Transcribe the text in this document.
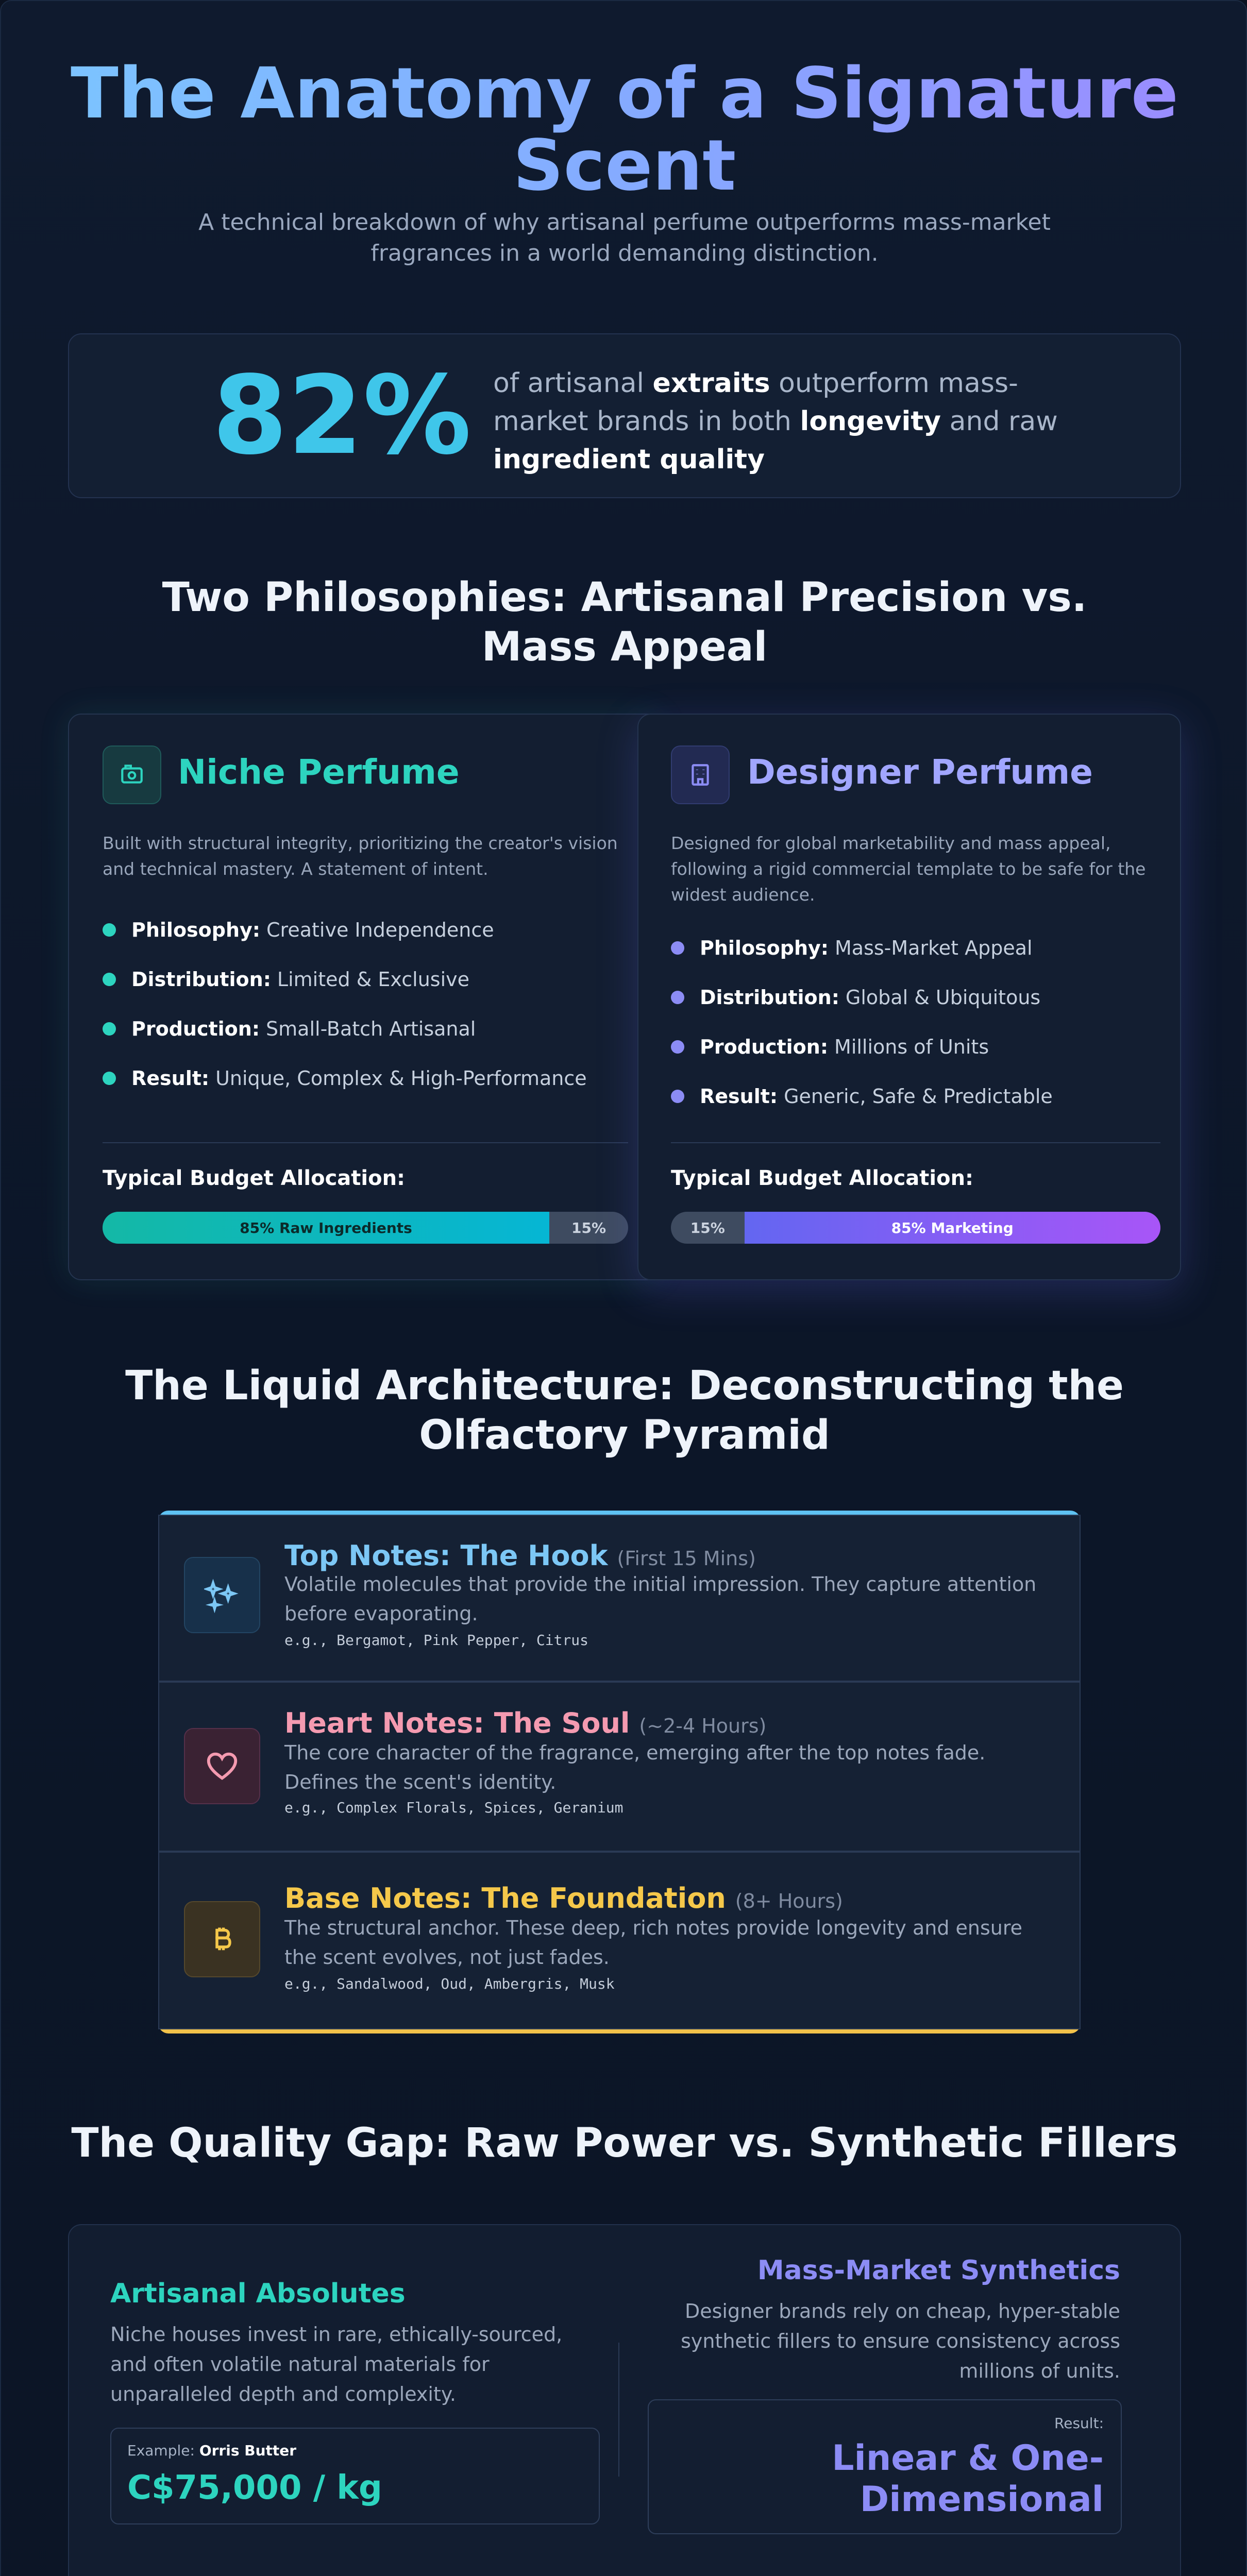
The Anatomy of a Signature
Scent
A technical breakdown of why artisanal perfume outperforms mass-market fragrances in a world demanding distinction.
82% of artisanal extraits outperform mass-market brands in both longevity and raw ingredient quality
Two Philosophies: Artisanal Precision vs. Mass Appeal
Niche Perfume
Built with structural integrity, prioritizing the creator's vision and technical mastery. A statement of intent.
Philosophy: Creative Independence
Distribution: Limited & Exclusive
Production: Small-Batch Artisanal
Result: Unique, Complex & High-Performance
Typical Budget Allocation:
85% Raw Ingredients	15%
Designer Perfume
Designed for global marketability and mass appeal, following a rigid commercial template to be safe for the widest audience.
Philosophy: Mass-Market Appeal
Distribution: Global & Ubiquitous
Production: Millions of Units
Result: Generic, Safe & Predictable
Typical Budget Allocation:
15%	85% Marketing
The Liquid Architecture: Deconstructing the Olfactory Pyramid
Top Notes: The Hook (First 15 Mins)
Volatile molecules that provide the initial impression. They capture attention before evaporating.
e.g., Bergamot, Pink Pepper, Citrus
Heart Notes: The Soul (~2-4 Hours)
The core character of the fragrance, emerging after the top notes fade. Defines the scent's identity.
e.g., Complex Florals, Spices, Geranium
Base Notes: The Foundation (8+ Hours)
The structural anchor. These deep, rich notes provide longevity and ensure the scent evolves, not just fades.
e.g., Sandalwood, Oud, Ambergris, Musk
The Quality Gap: Raw Power vs. Synthetic Fillers
Artisanal Absolutes
Niche houses invest in rare, ethically-sourced, and often volatile natural materials for unparalleled depth and complexity.
Example: Orris Butter
C$75,000 / kg
Mass-Market Synthetics
Designer brands rely on cheap, hyper-stable synthetic fillers to ensure consistency across millions of units.
Result:
Linear & One-
Dimensional
